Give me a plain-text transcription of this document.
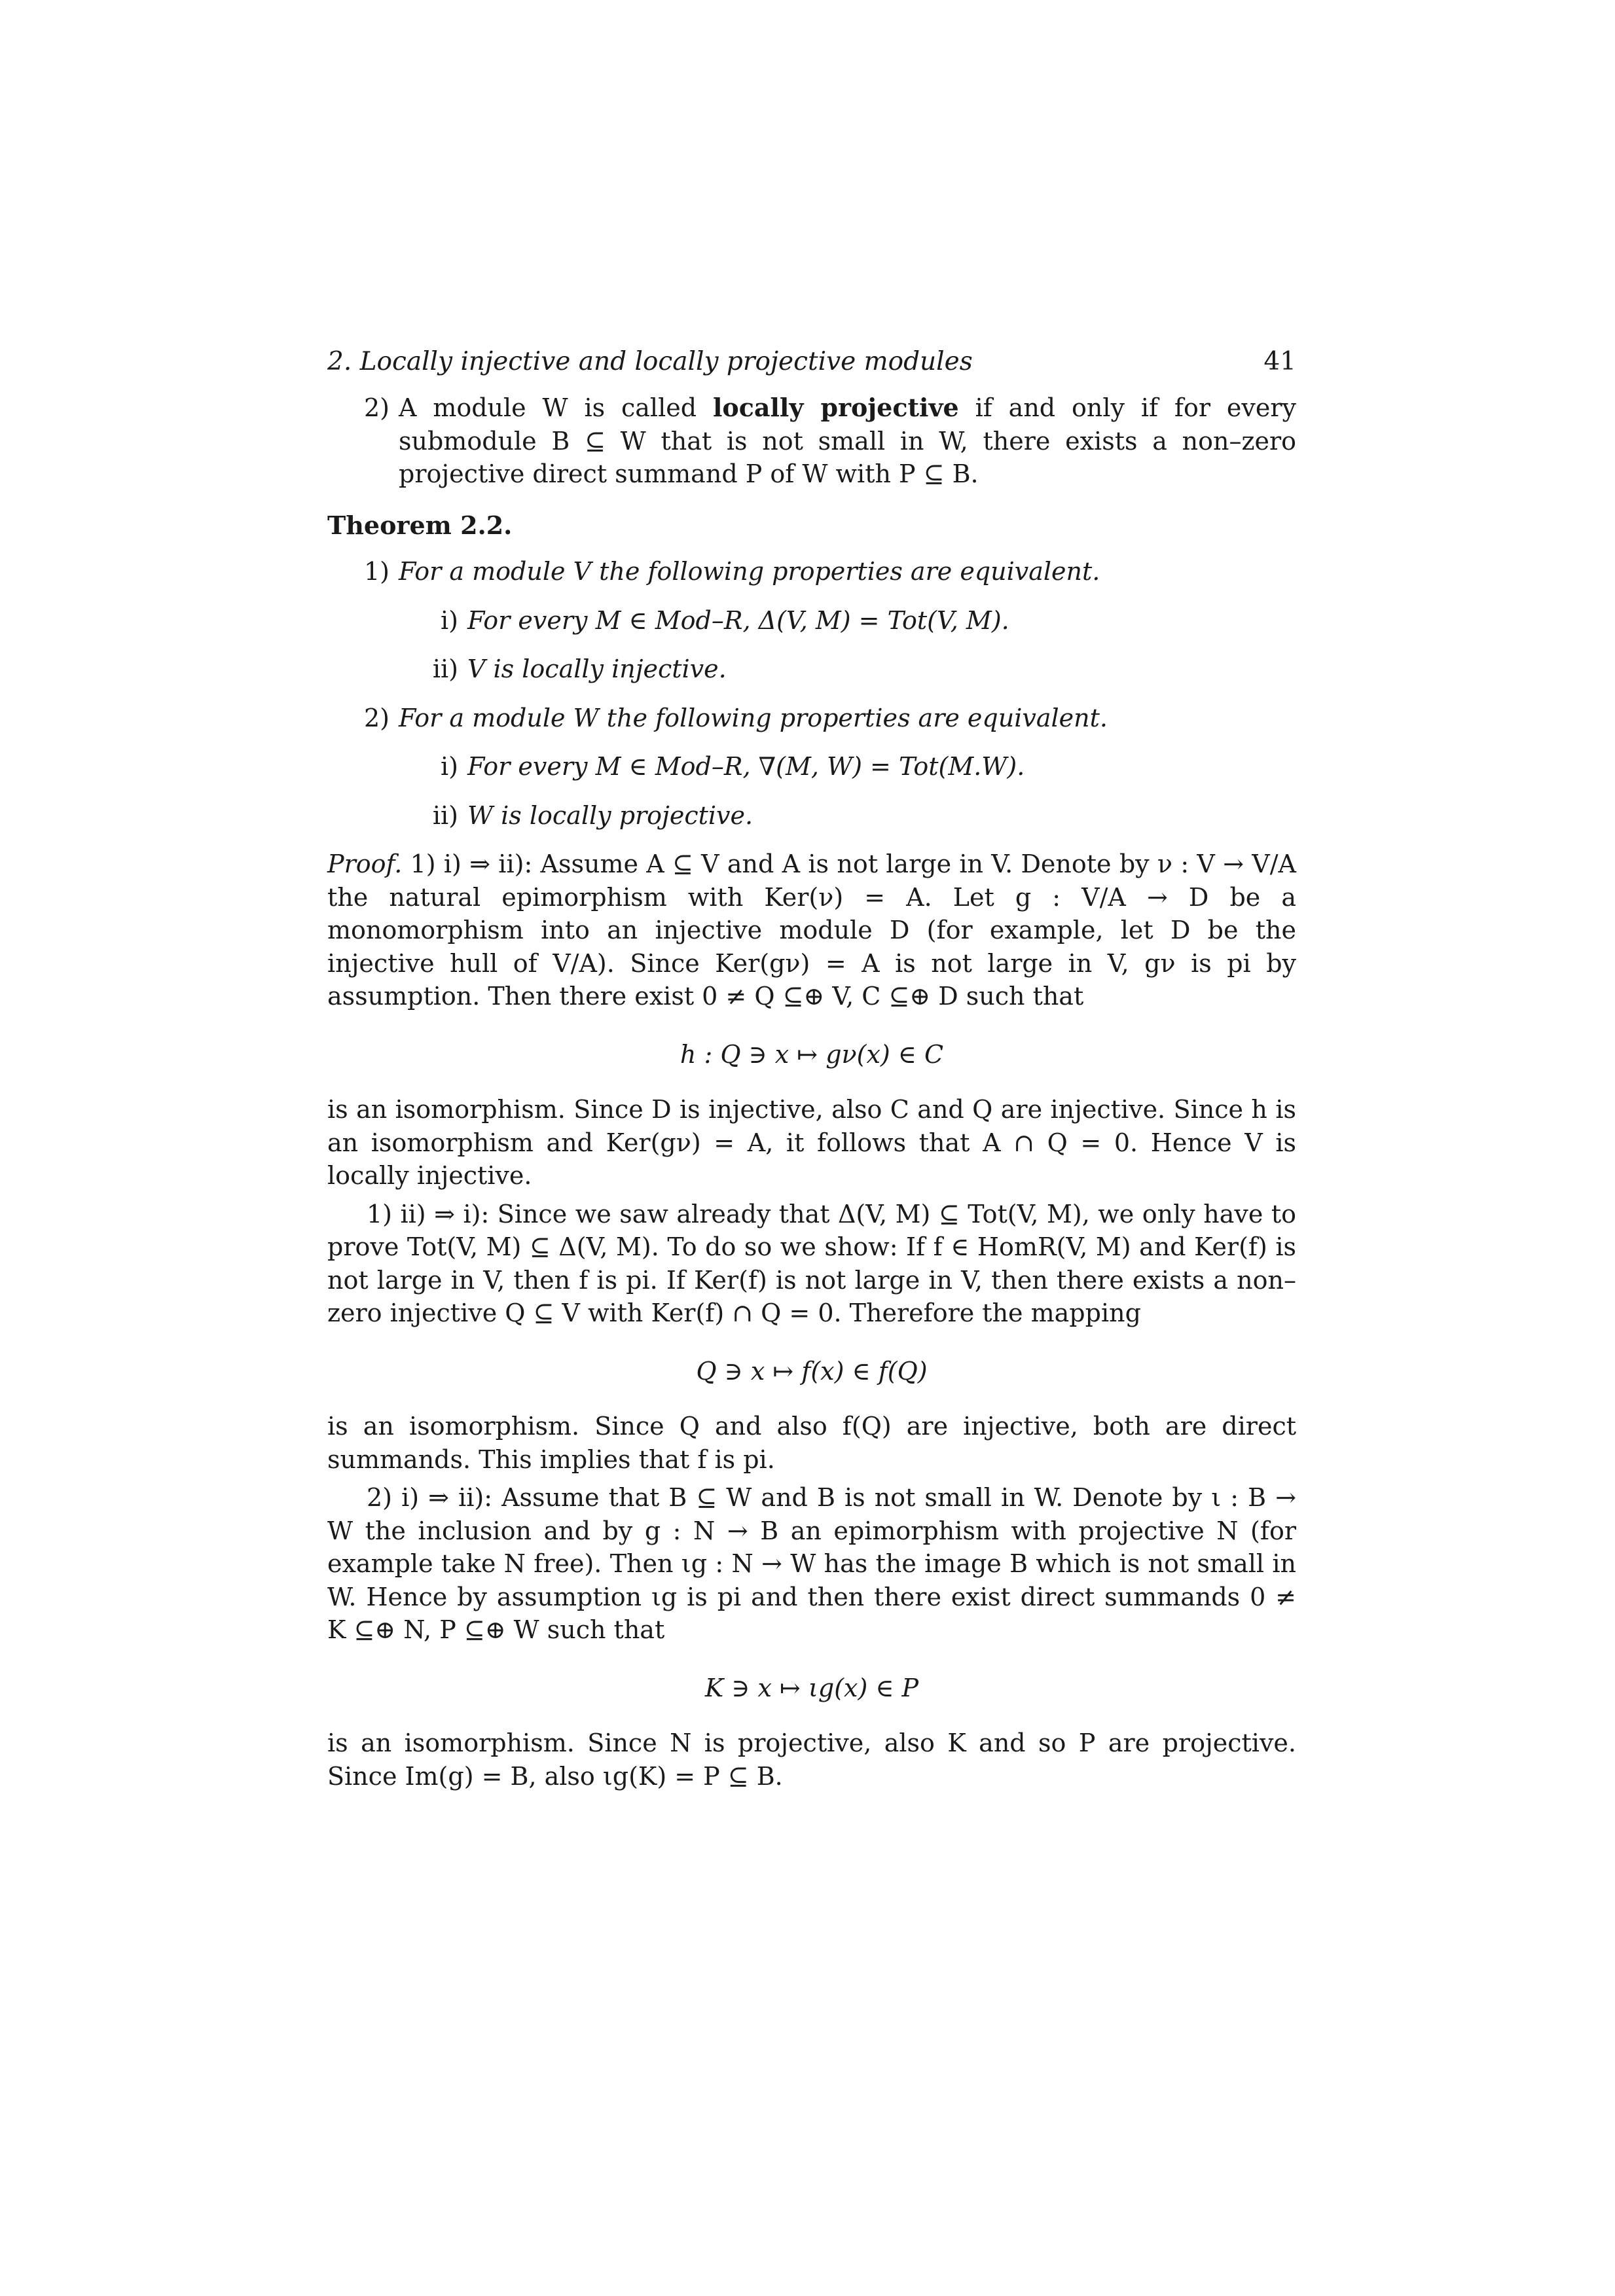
2. Locally injective and locally projective modules	41
2) A module W is called locally projective if and only if for every submodule B ⊆ W that is not small in W, there exists a non–zero projective direct summand P of W with P ⊆ B.

Theorem 2.2.

1) For a module V the following properties are equivalent.
i) For every M ∈ Mod–R, Δ(V, M) = Tot(V, M).
ii) V is locally injective.
2) For a module W the following properties are equivalent.
i) For every M ∈ Mod–R, ∇(M, W) = Tot(M.W).
ii) W is locally projective.

Proof. 1) i) ⇒ ii): Assume A ⊆ V and A is not large in V. Denote by ν : V → V/A the natural epimorphism with Ker(ν) = A. Let g : V/A → D be a monomorphism into an injective module D (for example, let D be the injective hull of V/A). Since Ker(gν) = A is not large in V, gν is pi by assumption. Then there exist 0 ≠ Q ⊆⊕ V, C ⊆⊕ D such that

h : Q ∋ x ↦ gν(x) ∈ C

is an isomorphism. Since D is injective, also C and Q are injective. Since h is an isomorphism and Ker(gν) = A, it follows that A ∩ Q = 0. Hence V is locally injective.

1) ii) ⇒ i): Since we saw already that Δ(V, M) ⊆ Tot(V, M), we only have to prove Tot(V, M) ⊆ Δ(V, M). To do so we show: If f ∈ HomR(V, M) and Ker(f) is not large in V, then f is pi. If Ker(f) is not large in V, then there exists a non–zero injective Q ⊆ V with Ker(f) ∩ Q = 0. Therefore the mapping

Q ∋ x ↦ f(x) ∈ f(Q)

is an isomorphism. Since Q and also f(Q) are injective, both are direct summands. This implies that f is pi.

2) i) ⇒ ii): Assume that B ⊆ W and B is not small in W. Denote by ι : B → W the inclusion and by g : N → B an epimorphism with projective N (for example take N free). Then ιg : N → W has the image B which is not small in W. Hence by assumption ιg is pi and then there exist direct summands 0 ≠ K ⊆⊕ N, P ⊆⊕ W such that

K ∋ x ↦ ιg(x) ∈ P

is an isomorphism. Since N is projective, also K and so P are projective. Since Im(g) = B, also ιg(K) = P ⊆ B.
